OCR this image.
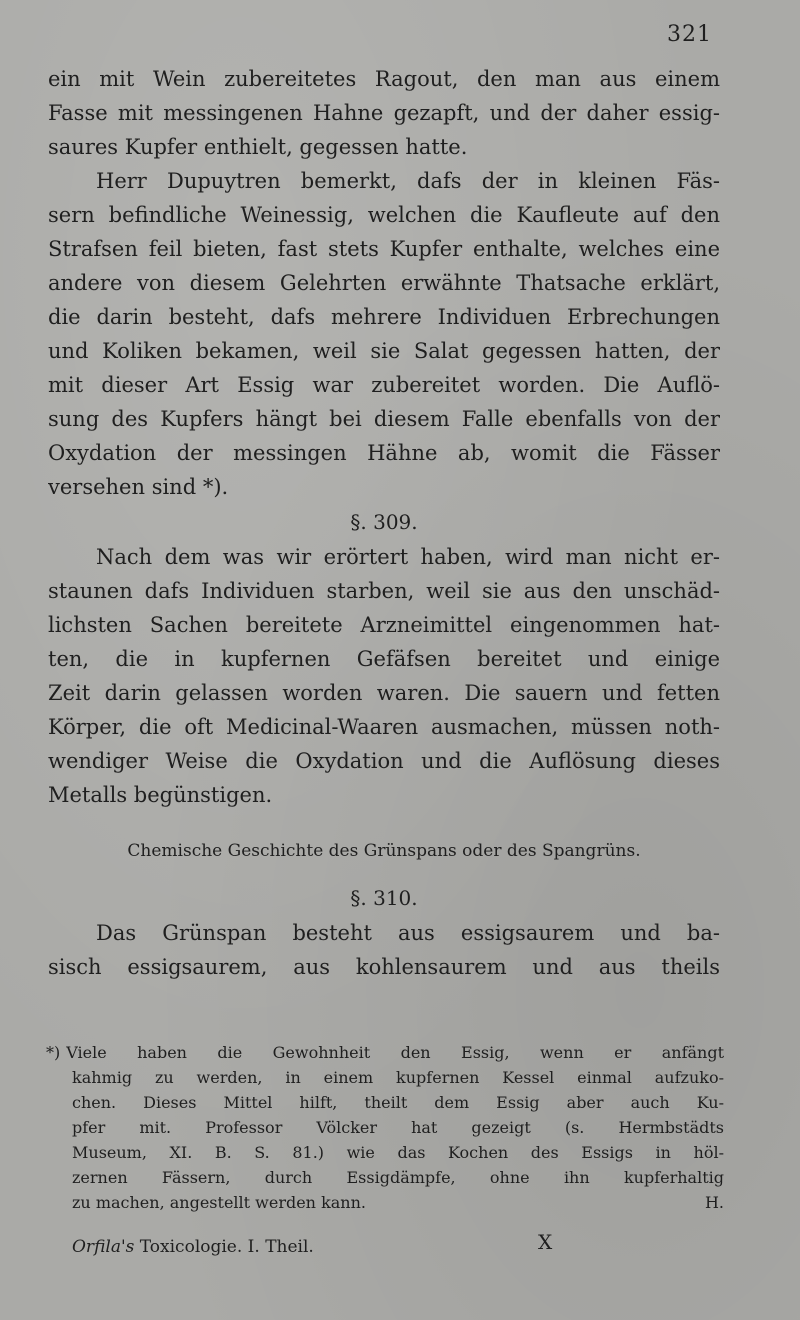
321
ein mit Wein zubereitetes Ragout, den man aus einem
Fasse mit messingenen Hahne gezapft, und der daher essig-
saures Kupfer enthielt, gegessen hatte.
Herr Dupuytren bemerkt, dafs der in kleinen Fäs-
sern befindliche Weinessig, welchen die Kaufleute auf den
Strafsen feil bieten, fast stets Kupfer enthalte, welches eine
andere von diesem Gelehrten erwähnte Thatsache erklärt,
die darin besteht, dafs mehrere Individuen Erbrechungen
und Koliken bekamen, weil sie Salat gegessen hatten, der
mit dieser Art Essig war zubereitet worden. Die Auflö-
sung des Kupfers hängt bei diesem Falle ebenfalls von der
Oxydation der messingen Hähne ab, womit die Fässer
versehen sind *).
§. 309.
Nach dem was wir erörtert haben, wird man nicht er-
staunen dafs Individuen starben, weil sie aus den unschäd-
lichsten Sachen bereitete Arzneimittel eingenommen hat-
ten, die in kupfernen Gefäfsen bereitet und einige
Zeit darin gelassen worden waren. Die sauern und fetten
Körper, die oft Medicinal-Waaren ausmachen, müssen noth-
wendiger Weise die Oxydation und die Auflösung dieses
Metalls begünstigen.
Chemische Geschichte des Grünspans oder des Spangrüns.
§. 310.
Das Grünspan besteht aus essigsaurem und ba-
sisch essigsaurem, aus kohlensaurem und aus theils
*) Viele haben die Gewohnheit den Essig, wenn er anfängt
kahmig zu werden, in einem kupfernen Kessel einmal aufzuko-
chen. Dieses Mittel hilft, theilt dem Essig aber auch Ku-
pfer mit. Professor Völcker hat gezeigt (s. Hermbstädts
Museum, XI. B. S. 81.) wie das Kochen des Essigs in höl-
zernen Fässern, durch Essigdämpfe, ohne ihn kupferhaltig
zu machen, angestellt werden kann.	H.
Orfila's Toxicologie. I. Theil.	X
